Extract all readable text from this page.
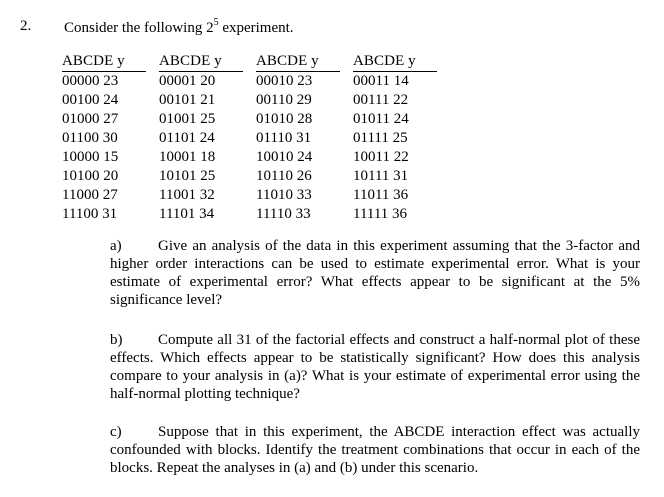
2. Consider the following $2^5$ experiment.
ABCDE y
00000 23
00100 24
01000 27
01100 30
10000 15
10100 20
11000 27
11100 31
ABCDE y
00001 20
00101 21
01001 25
01101 24
10001 18
10101 25
11001 32
11101 34
ABCDE y
00010 23
00110 29
01010 28
01110 31
10010 24
10110 26
11010 33
11110 33
ABCDE y
00011 14
00111 22
01011 24
01111 25
10011 22
10111 31
11011 36
11111 36
a) Give an analysis of the data in this experiment assuming that the 3-factor and higher order interactions can be used to estimate experimental error. What is your estimate of experimental error? What effects appear to be significant at the 5% significance level?
b) Compute all 31 of the factorial effects and construct a half-normal plot of these effects. Which effects appear to be statistically significant? How does this analysis compare to your analysis in (a)? What is your estimate of experimental error using the half-normal plotting technique?
c) Suppose that in this experiment, the ABCDE interaction effect was actually confounded with blocks. Identify the treatment combinations that occur in each of the blocks. Repeat the analyses in (a) and (b) under this scenario.
